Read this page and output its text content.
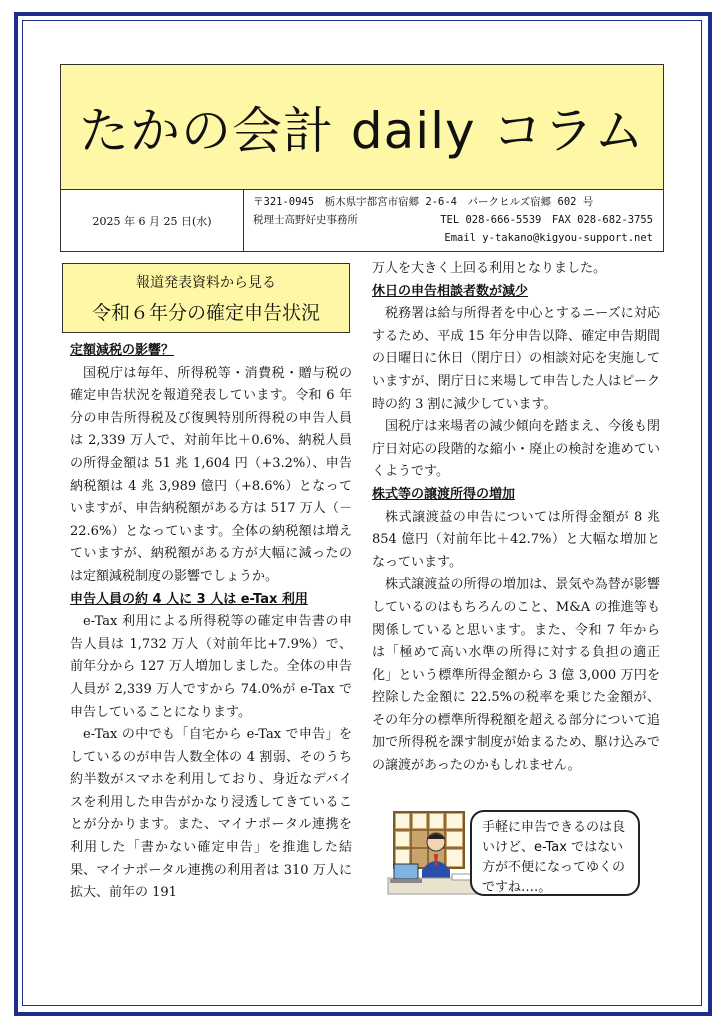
たかの会計 daily コラム
2025 年 6 月 25 日(水)
〒321-0945　栃木県宇都宮市宿郷 2-6-4　パークヒルズ宿郷 602 号
税理士高野好史事務所	TEL 028-666-5539　FAX 028-682-3755
Email y-takano@kigyou-support.net
報道発表資料から見る
令和６年分の確定申告状況
定額減税の影響？

国税庁は毎年、所得税等・消費税・贈与税の確定申告状況を報道発表しています。令和 6 年分の申告所得税及び復興特別所得税の申告人員は 2,339 万人で、対前年比＋0.6%、納税人員の所得金額は 51 兆 1,604 円（+3.2%）、申告納税額は 4 兆 3,989 億円（+8.6%）となっていますが、申告納税額がある方は 517 万人（－22.6%）となっています。全体の納税額は増えていますが、納税額がある方が大幅に減ったのは定額減税制度の影響でしょうか。

申告人員の約 4 人に 3 人は e-Tax 利用

e-Tax 利用による所得税等の確定申告書の申告人員は 1,732 万人（対前年比+7.9%）で、前年分から 127 万人増加しました。全体の申告人員が 2,339 万人ですから 74.0%が e-Tax で申告していることになります。

e-Tax の中でも「自宅から e-Tax で申告」をしているのが申告人数全体の 4 割弱、そのうち約半数がスマホを利用しており、身近なデバイスを利用した申告がかなり浸透してきていることが分かります。また、マイナポータル連携を利用した「書かない確定申告」を推進した結果、マイナポータル連携の利用者は 310 万人に拡大、前年の 191

万人を大きく上回る利用となりました。

休日の申告相談者数が減少

税務署は給与所得者を中心とするニーズに対応するため、平成 15 年分申告以降、確定申告期間の日曜日に休日（閉庁日）の相談対応を実施していますが、閉庁日に来場して申告した人はピーク時の約 3 割に減少しています。

国税庁は来場者の減少傾向を踏まえ、今後も閉庁日対応の段階的な縮小・廃止の検討を進めていくようです。

株式等の譲渡所得の増加

株式譲渡益の申告については所得金額が 8 兆 854 億円（対前年比＋42.7%）と大幅な増加となっています。

株式譲渡益の所得の増加は、景気や為替が影響しているのはもちろんのこと、M&A の推進等も関係していると思います。また、令和 7 年からは「極めて高い水準の所得に対する負担の適正化」という標準所得金額から 3 億 3,000 万円を控除した金額に 22.5%の税率を乗じた金額が、その年分の標準所得税額を超える部分について追加で所得税を課す制度が始まるため、駆け込みでの譲渡があったのかもしれません。

手軽に申告できるのは良いけど、e-Tax ではない方が不便になってゆくのですね‥‥。
